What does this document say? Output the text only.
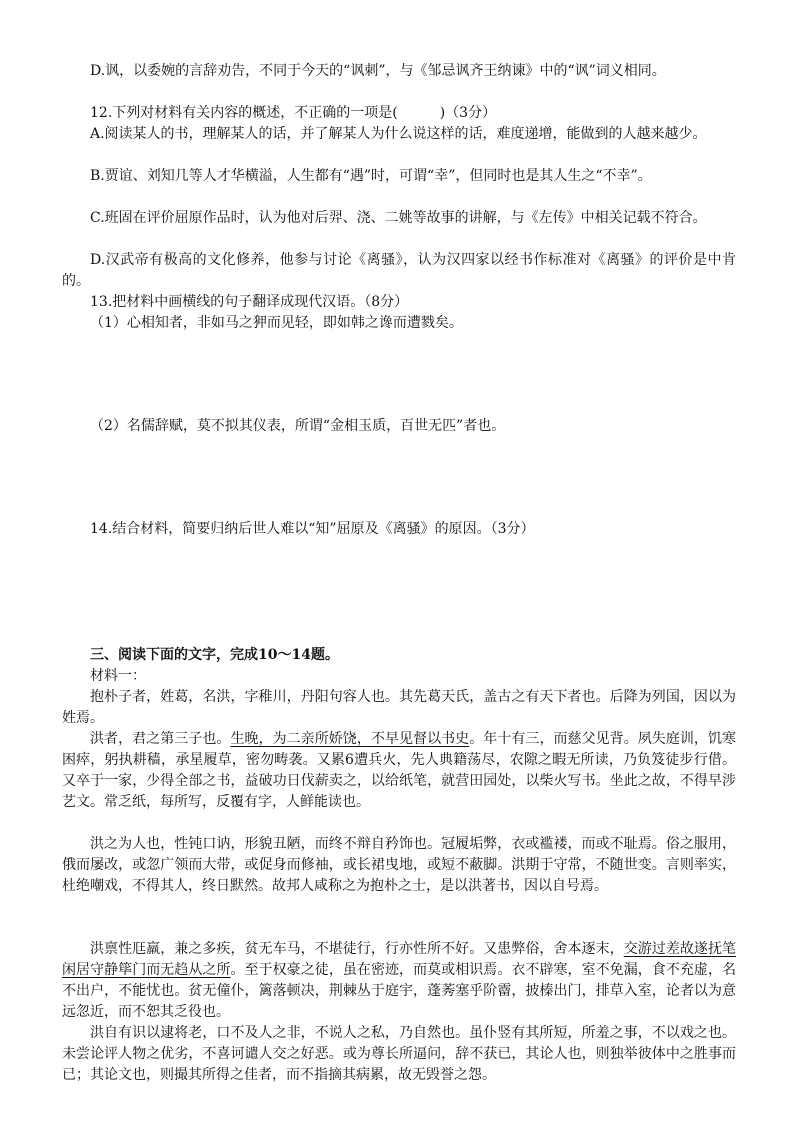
D.讽，以委婉的言辞劝告，不同于今天的“讽刺”，与《邹忌讽齐王纳谏》中的“讽”词义相同。

12.下列对材料有关内容的概述，不正确的一项是(　　　)（3分）

A.阅读某人的书，理解某人的话，并了解某人为什么说这样的话，难度递增，能做到的人越来越少。

B.贾谊、刘知几等人才华横溢，人生都有“遇”时，可谓“幸”，但同时也是其人生之“不幸”。

C.班固在评价屈原作品时，认为他对后羿、浇、二姚等故事的讲解，与《左传》中相关记载不符合。

D.汉武帝有极高的文化修养，他参与讨论《离骚》，认为汉四家以经书作标准对《离骚》的评价是中肯的。

13.把材料中画横线的句子翻译成现代汉语。（8分）

（1）心相知者，非如马之狎而见轻，即如韩之谗而遭戮矣。

（2）名儒辞赋，莫不拟其仪表，所谓“金相玉质，百世无匹”者也。

14.结合材料，简要归纳后世人难以“知”屈原及《离骚》的原因。（3分）

三、阅读下面的文字，完成10～14题。

材料一：

抱朴子者，姓葛，名洪，字稚川，丹阳句容人也。其先葛天氏，盖古之有天下者也。后降为列国，因以为姓焉。

洪者，君之第三子也。生晚，为二亲所娇饶，不早见督以书史。年十有三，而慈父见背。夙失庭训，饥寒困瘁，躬执耕穑，承星履草，密勿畴袭。又累6遭兵火，先人典籍荡尽，农隙之暇无所读，乃负笈徒步行借。又卒于一家，少得全部之书，益破功日伐薪卖之，以给纸笔，就营田园处，以柴火写书。坐此之故，不得早涉艺文。常乏纸，每所写，反覆有字，人鲜能读也。

洪之为人也，性钝口讷，形貌丑陋，而终不辩自矜饰也。冠履垢弊，衣或褴褛，而或不耻焉。俗之服用，俄而屡改，或忽广领而大带，或促身而修袖，或长裙曳地，或短不蔽脚。洪期于守常，不随世变。言则率实，杜绝嘲戏，不得其人，终日默然。故邦人咸称之为抱朴之士，是以洪著书，因以自号焉。

洪禀性尫羸，兼之多疾，贫无车马，不堪徒行，行亦性所不好。又患弊俗，舍本逐末，交游过差故遂抚笔闲居守静筚门而无趋从之所。至于权豪之徒，虽在密迹，而莫或相识焉。衣不辟寒，室不免漏，食不充虚，名不出户，不能忧也。贫无僮仆，篱落顿决，荆棘丛于庭宇，蓬莠塞乎阶霤，披榛出门，排草入室，论者以为意远忽近，而不恕其乏役也。

洪自有识以逮将老，口不及人之非，不说人之私，乃自然也。虽仆竖有其所短，所羞之事，不以戏之也。未尝论评人物之优劣，不喜诃谴人交之好恶。或为尊长所逼问，辞不获已，其论人也，则独举彼体中之胜事而已；其论文也，则撮其所得之佳者，而不指摘其病累，故无毁誉之怨。
